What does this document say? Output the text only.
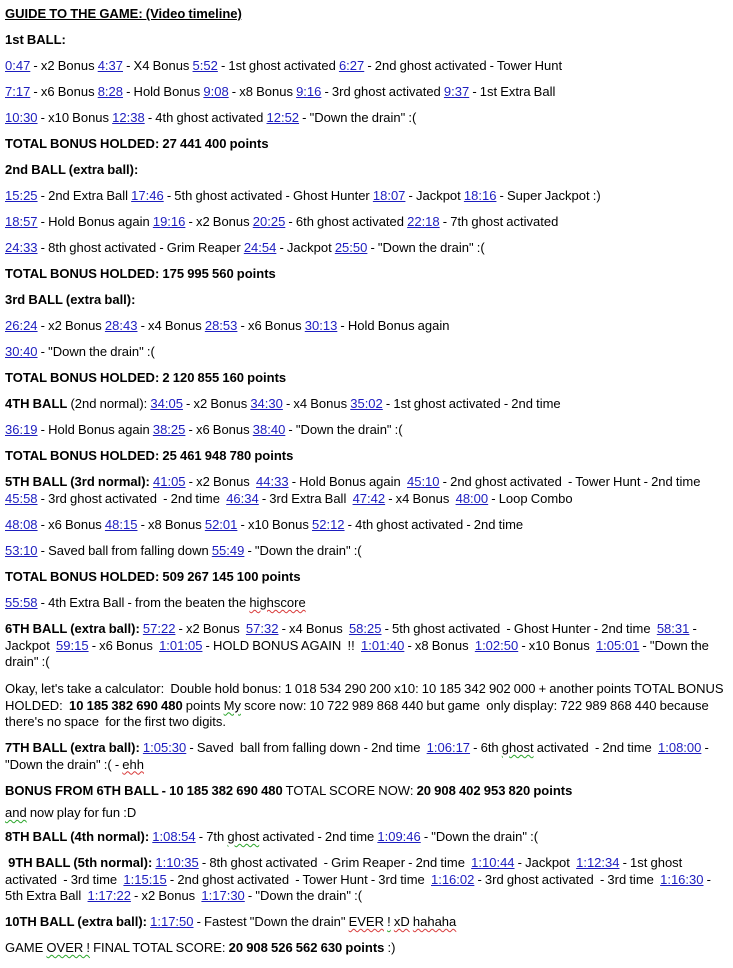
GUIDE TO THE GAME: (Video timeline)
1st BALL:
0:47 - x2 Bonus 4:37 - X4 Bonus 5:52 - 1st ghost activated 6:27 - 2nd ghost activated - Tower Hunt
7:17 - x6 Bonus 8:28 - Hold Bonus 9:08 - x8 Bonus 9:16 - 3rd ghost activated 9:37 - 1st Extra Ball
10:30 - x10 Bonus 12:38 - 4th ghost activated 12:52 - "Down the drain" :(
TOTAL BONUS HOLDED: 27 441 400 points
2nd BALL (extra ball):
15:25 - 2nd Extra Ball 17:46 - 5th ghost activated - Ghost Hunter 18:07 - Jackpot 18:16 - Super Jackpot :)
18:57 - Hold Bonus again 19:16 - x2 Bonus 20:25 - 6th ghost activated 22:18 - 7th ghost activated
24:33 - 8th ghost activated - Grim Reaper 24:54 - Jackpot 25:50 - "Down the drain" :(
TOTAL BONUS HOLDED: 175 995 560 points
3rd BALL (extra ball):
26:24 - x2 Bonus 28:43 - x4 Bonus 28:53 - x6 Bonus 30:13 - Hold Bonus again
30:40 - "Down the drain" :(
TOTAL BONUS HOLDED: 2 120 855 160 points
4TH BALL (2nd normal): 34:05 - x2 Bonus 34:30 - x4 Bonus 35:02 - 1st ghost activated - 2nd time
36:19 - Hold Bonus again 38:25 - x6 Bonus 38:40 - "Down the drain" :(
TOTAL BONUS HOLDED: 25 461 948 780 points
5TH BALL (3rd normal): 41:05 - x2 Bonus  44:33 - Hold Bonus again  45:10 - 2nd ghost activated  - Tower Hunt - 2nd time  45:58 - 3rd ghost activated  - 2nd time  46:34 - 3rd Extra Ball  47:42 - x4 Bonus  48:00 - Loop Combo
48:08 - x6 Bonus 48:15 - x8 Bonus 52:01 - x10 Bonus 52:12 - 4th ghost activated - 2nd time
53:10 - Saved ball from falling down 55:49 - "Down the drain" :(
TOTAL BONUS HOLDED: 509 267 145 100 points
55:58 - 4th Extra Ball - from the beaten the highscore
6TH BALL (extra ball): 57:22 - x2 Bonus  57:32 - x4 Bonus  58:25 - 5th ghost activated  - Ghost Hunter - 2nd time  58:31 - Jackpot  59:15 - x6 Bonus  1:01:05 - HOLD BONUS AGAIN  !!  1:01:40 - x8 Bonus  1:02:50 - x10 Bonus  1:05:01 - "Down the drain" :(
Okay, let's take a calculator:  Double hold bonus: 1 018 534 290 200 x10: 10 185 342 902 000 + another points TOTAL BONUS HOLDED:  10 185 382 690 480 points My score now: 10 722 989 868 440 but game  only display: 722 989 868 440 because there's no space  for the first two digits.
7TH BALL (extra ball): 1:05:30 - Saved  ball from falling down - 2nd time  1:06:17 - 6th ghost activated  - 2nd time  1:08:00 - "Down the drain" :( - ehh
BONUS FROM 6TH BALL - 10 185 382 690 480 TOTAL SCORE NOW: 20 908 402 953 820 points
and now play for fun :D
8TH BALL (4th normal): 1:08:54 - 7th ghost activated - 2nd time 1:09:46 - "Down the drain" :(
9TH BALL (5th normal): 1:10:35 - 8th ghost activated  - Grim Reaper - 2nd time  1:10:44 - Jackpot  1:12:34 - 1st ghost activated  - 3rd time  1:15:15 - 2nd ghost activated  - Tower Hunt - 3rd time  1:16:02 - 3rd ghost activated  - 3rd time  1:16:30 - 5th Extra Ball  1:17:22 - x2 Bonus  1:17:30 - "Down the drain" :(
10TH BALL (extra ball): 1:17:50 - Fastest "Down the drain" EVER ! xD hahaha
GAME OVER ! FINAL TOTAL SCORE: 20 908 526 562 630 points :)
